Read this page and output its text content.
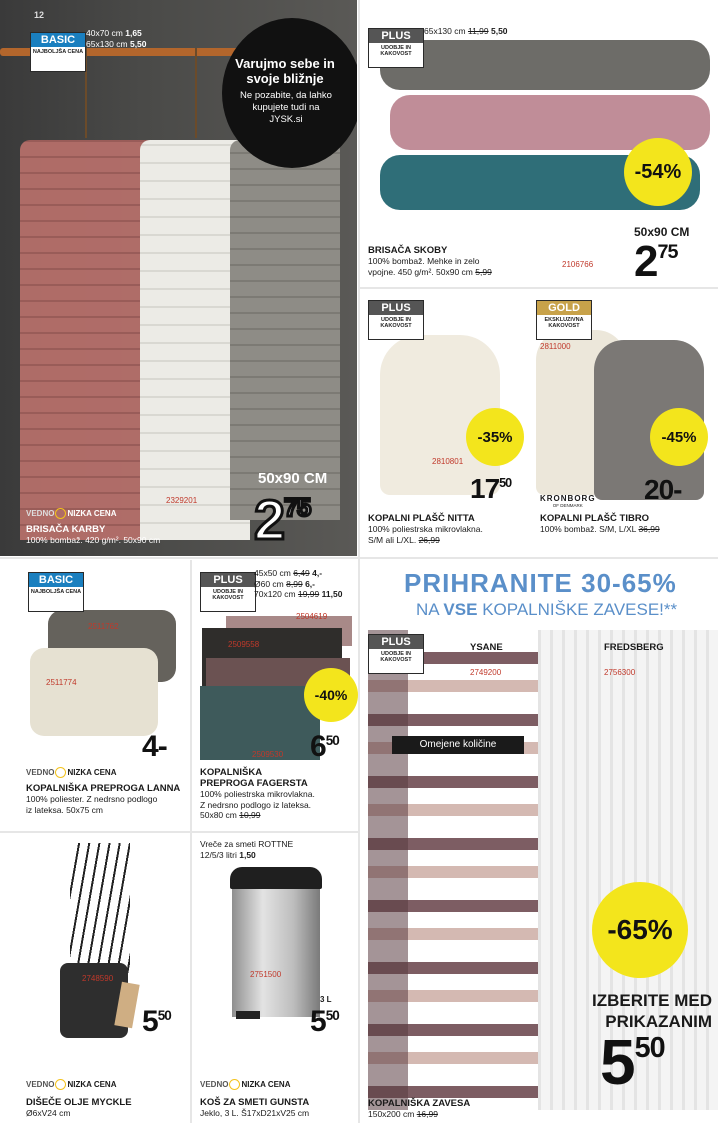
12
BASIC
NAJBOLJŠA CENA
40x70 cm 1,65
65x130 cm 5,50
Varujmo sebe in svoje bližnje
Ne pozabite, da lahko kupujete tudi na JYSK.si
50x90 CM
$2^{75}$
2329201
VEDNO NIZKA CENA
BRISAČA KARBY
100% bombaž. 420 g/m². 50x90 cm
PLUS
UDOBJE IN KAKOVOST
65x130 cm 11,99 5,50
-54%
50x90 CM
$2^{75}$
BRISAČA SKOBY
100% bombaž. Mehke in zelo
vpojne. 450 g/m². 50x90 cm 5,99
2106766
PLUS
UDOBJE IN KAKOVOST
-35%
2810801
$17^{50}$
KOPALNI PLAŠČ NITTA
100% poliestrska mikrovlakna.
S/M ali L/XL. 26,99
GOLD
EKSKLUZIVNA KAKOVOST
2811000
-45%
20-
KRONBORG
OF DENMARK
KOPALNI PLAŠČ TIBRO
100% bombaž. S/M, L/XL 36,99
BASIC
NAJBOLJŠA CENA
2511762
2511774
4-
VEDNO NIZKA CENA
KOPALNIŠKA PREPROGA LANNA
100% poliester. Z nedrsno podlogo
iz lateksa. 50x75 cm
PLUS
UDOBJE IN KAKOVOST
45x50 cm 6,49 4,-
Ø60 cm 8,99 6,-
70x120 cm 19,99 11,50
2504619
2509558
2509530
-40%
$6^{50}$
KOPALNIŠKA
PREPROGA FAGERSTA
100% poliestrska mikrovlakna.
Z nedrsno podlogo iz lateksa.
50x80 cm 10,99
PRIHRANITE 30-65%
NA VSE KOPALNIŠKE ZAVESE!**
PLUS
UDOBJE IN KAKOVOST
YSANE
2749200
FREDSBERG
2756300
Omejene količine
-65%
IZBERITE MED
PRIKAZANIM
$5^{50}$
KOPALNIŠKA ZAVESA
150x200 cm 16,99
2748590
$5^{50}$
VEDNO NIZKA CENA
DIŠEČE OLJE MYCKLE
Ø6xV24 cm
Vreče za smeti ROTTNE
12/5/3 litri 1,50
2751500
3 L
$5^{50}$
VEDNO NIZKA CENA
KOŠ ZA SMETI GUNSTA
Jeklo, 3 L. Š17xD21xV25 cm
